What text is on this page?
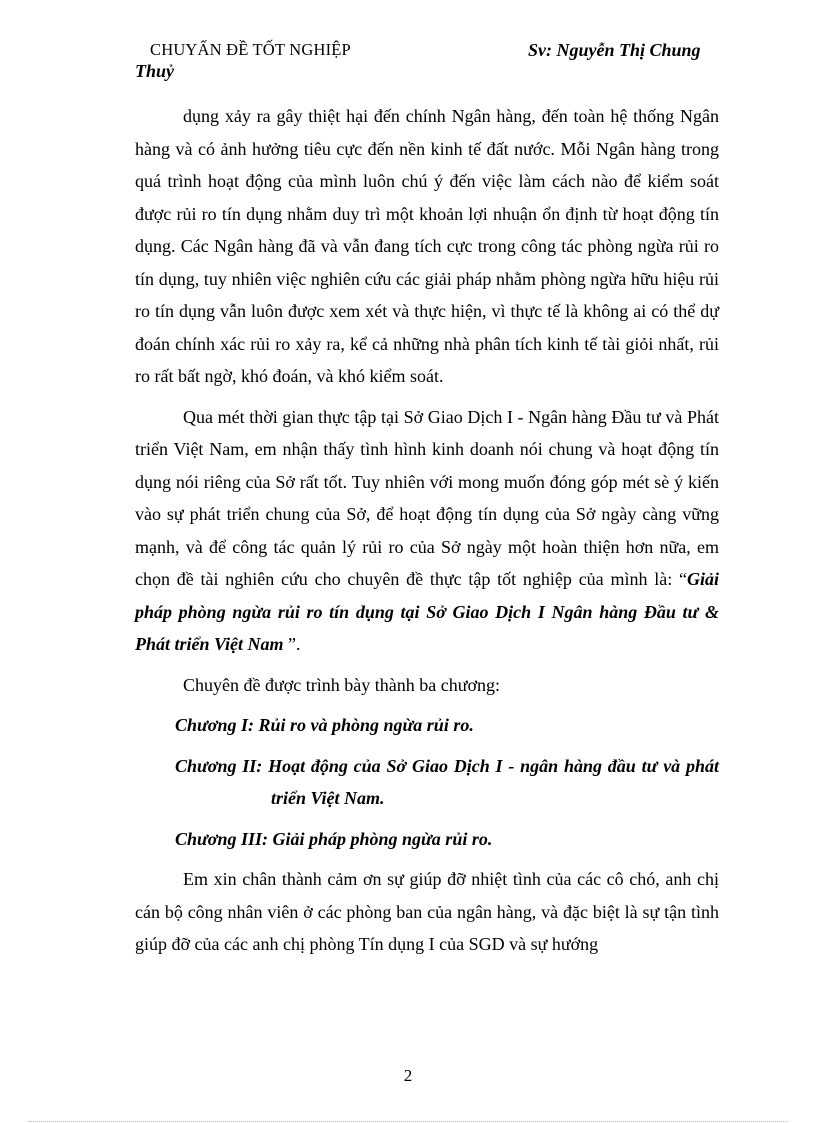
CHUYẤN ĐỀ TỐT NGHIỆP	Sv: Nguyễn Thị Chung
Thuỷ

dụng xảy ra gây thiệt hại đến chính Ngân hàng, đến toàn hệ thống Ngân hàng và có ảnh hưởng tiêu cực đến nền kinh tế đất nước. Mỗi Ngân hàng trong quá trình hoạt động của mình luôn chú ý đến việc làm cách nào để kiểm soát được rủi ro tín dụng nhằm duy trì một khoản lợi nhuận ổn định từ hoạt động tín dụng. Các Ngân hàng đã và vẫn đang tích cực trong công tác phòng ngừa rủi ro tín dụng, tuy nhiên việc nghiên cứu các giải pháp nhằm phòng ngừa hữu hiệu rủi ro tín dụng vẫn luôn được xem xét và thực hiện, vì thực tế là không ai có thể dự đoán chính xác rủi ro xảy ra, kể cả những nhà phân tích kinh tế tài giỏi nhất, rủi ro rất bất ngờ, khó đoán, và khó kiểm soát.

Qua mét thời gian thực tập tại Sở Giao Dịch I - Ngân hàng Đầu tư và Phát triển Việt Nam, em nhận thấy tình hình kinh doanh nói chung và hoạt động tín dụng nói riêng của Sở rất tốt. Tuy nhiên với mong muốn đóng góp mét sè ý kiến vào sự phát triển chung của Sở, để hoạt động tín dụng của Sở ngày càng vững mạnh, và để công tác quản lý rủi ro của Sở ngày một hoàn thiện hơn nữa, em chọn đề tài nghiên cứu cho chuyên đề thực tập tốt nghiệp của mình là: “Giải pháp phòng ngừa rủi ro tín dụng tại Sở Giao Dịch I Ngân hàng Đầu tư & Phát triển Việt Nam ”.

Chuyên đề được trình bày thành ba chương:

Chương I: Rủi ro và phòng ngừa rủi ro.

Chương II: Hoạt động của Sở Giao Dịch I - ngân hàng đầu tư và phát triển Việt Nam.

Chương III: Giải pháp phòng ngừa rủi ro.

Em xin chân thành cảm ơn sự giúp đỡ nhiệt tình của các cô chó, anh chị cán bộ công nhân viên ở các phòng ban của ngân hàng, và đặc biệt là sự tận tình giúp đỡ của các anh chị phòng Tín dụng I của SGD và sự hướng

2
